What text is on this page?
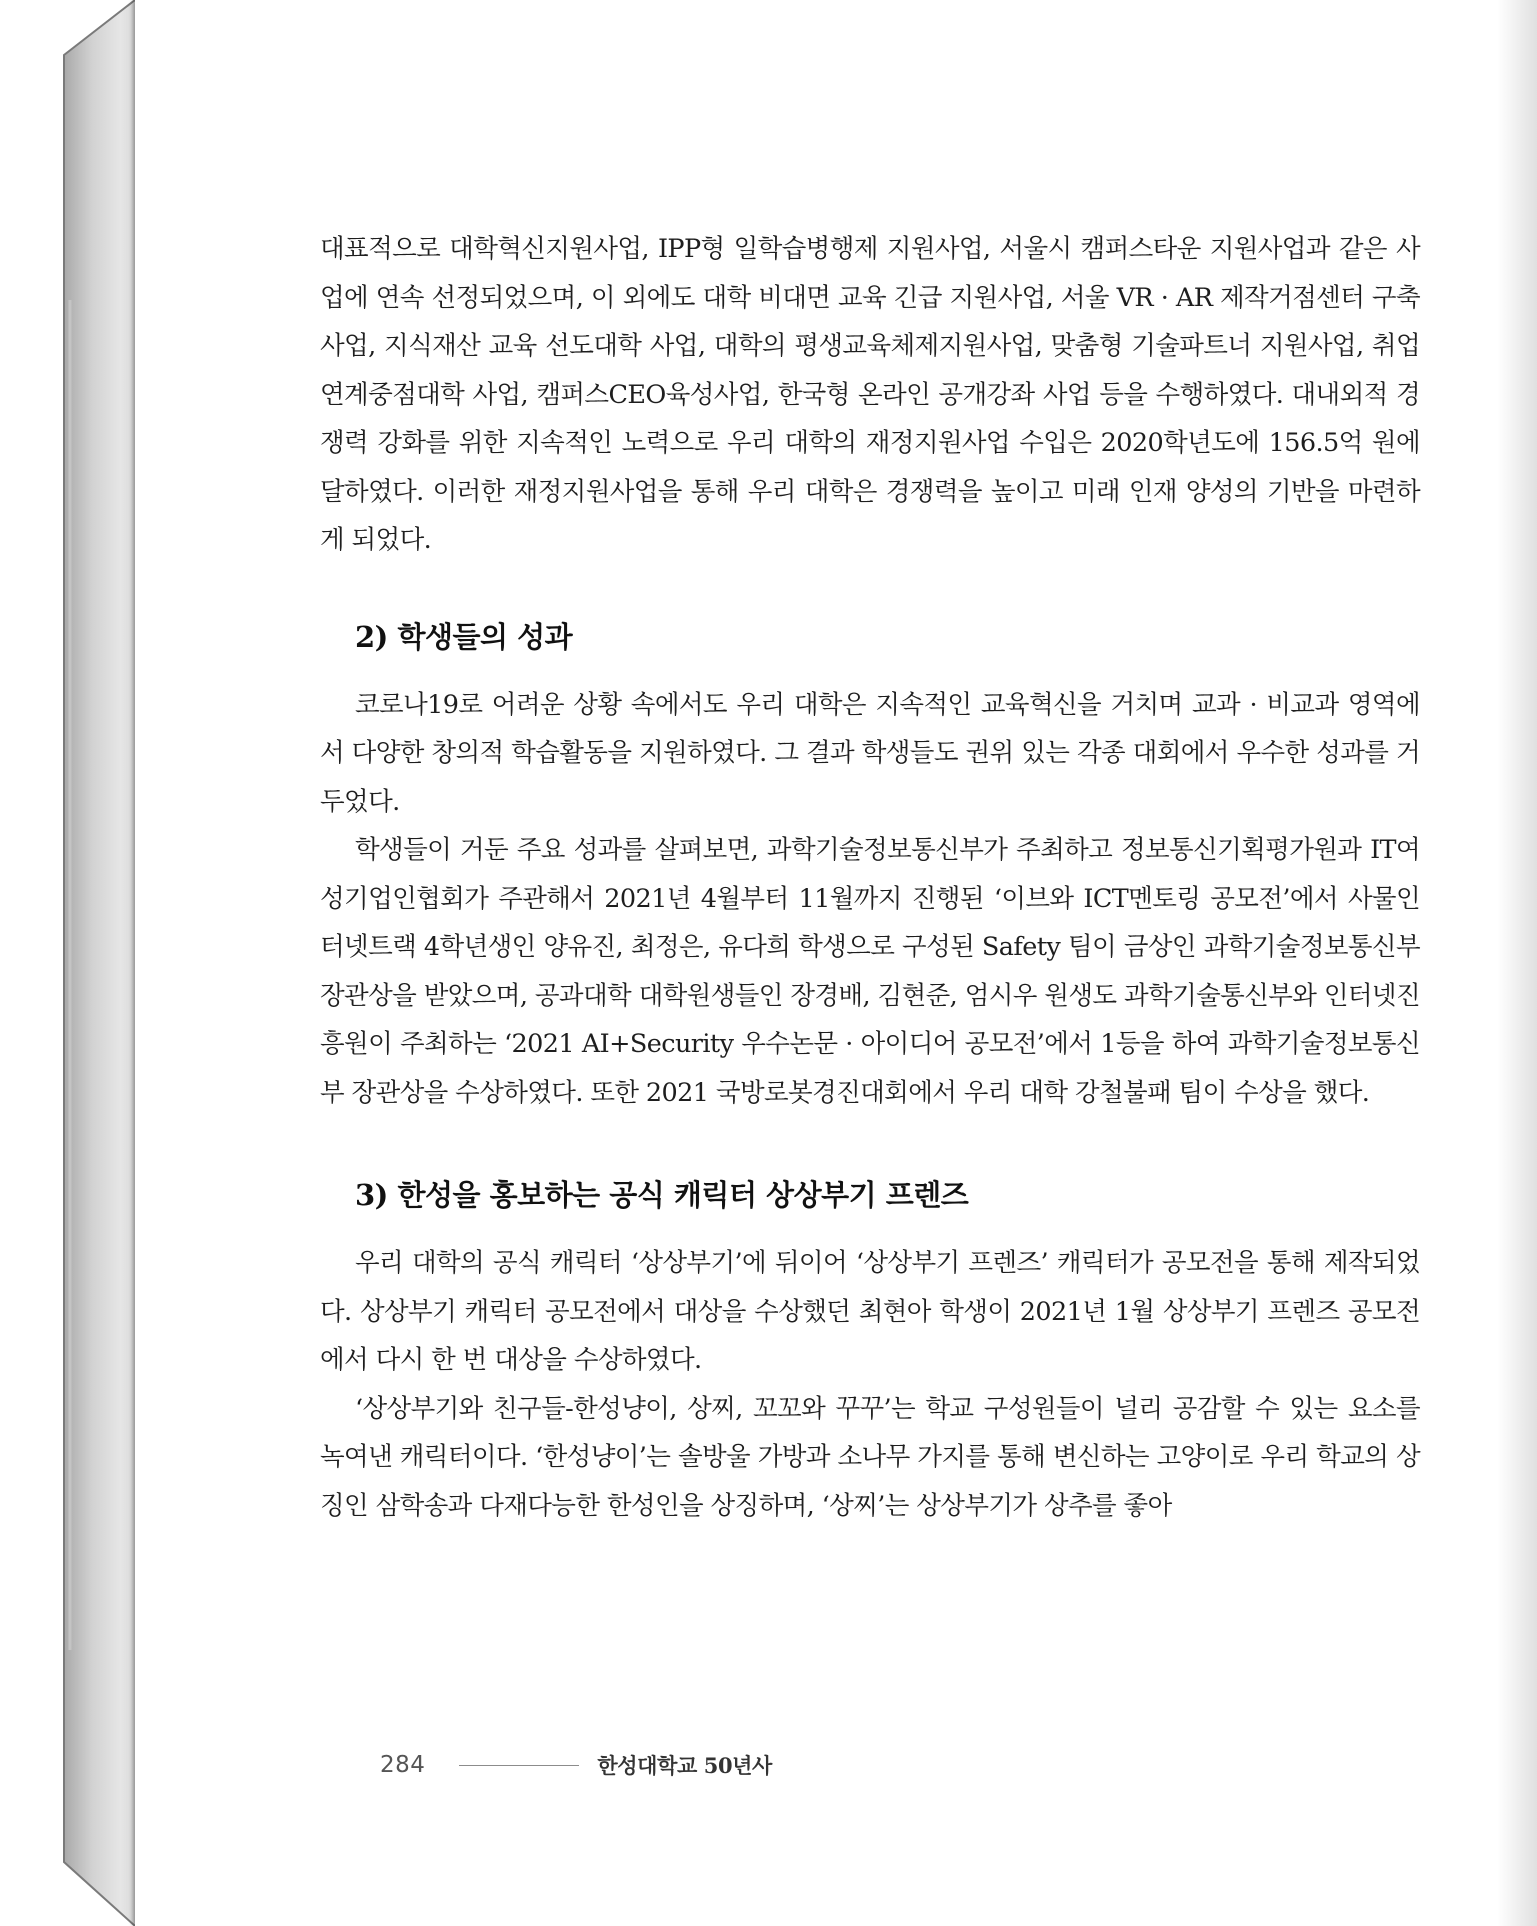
대표적으로 대학혁신지원사업, IPP형 일학습병행제 지원사업, 서울시 캠퍼스타운 지원사업과 같은 사업에 연속 선정되었으며, 이 외에도 대학 비대면 교육 긴급 지원사업, 서울 VR · AR 제작거점센터 구축 사업, 지식재산 교육 선도대학 사업, 대학의 평생교육체제지원사업, 맞춤형 기술파트너 지원사업, 취업연계중점대학 사업, 캠퍼스CEO육성사업, 한국형 온라인 공개강좌 사업 등을 수행하였다. 대내외적 경쟁력 강화를 위한 지속적인 노력으로 우리 대학의 재정지원사업 수입은 2020학년도에 156.5억 원에 달하였다. 이러한 재정지원사업을 통해 우리 대학은 경쟁력을 높이고 미래 인재 양성의 기반을 마련하게 되었다.

2) 학생들의 성과

코로나19로 어려운 상황 속에서도 우리 대학은 지속적인 교육혁신을 거치며 교과 · 비교과 영역에서 다양한 창의적 학습활동을 지원하였다. 그 결과 학생들도 권위 있는 각종 대회에서 우수한 성과를 거두었다.

학생들이 거둔 주요 성과를 살펴보면, 과학기술정보통신부가 주최하고 정보통신기획평가원과 IT여성기업인협회가 주관해서 2021년 4월부터 11월까지 진행된 ‘이브와 ICT멘토링 공모전’에서 사물인터넷트랙 4학년생인 양유진, 최정은, 유다희 학생으로 구성된 Safety 팀이 금상인 과학기술정보통신부 장관상을 받았으며, 공과대학 대학원생들인 장경배, 김현준, 엄시우 원생도 과학기술통신부와 인터넷진흥원이 주최하는 ‘2021 AI+Security 우수논문 · 아이디어 공모전’에서 1등을 하여 과학기술정보통신부 장관상을 수상하였다. 또한 2021 국방로봇경진대회에서 우리 대학 강철불패 팀이 수상을 했다.

3) 한성을 홍보하는 공식 캐릭터 상상부기 프렌즈

우리 대학의 공식 캐릭터 ‘상상부기’에 뒤이어 ‘상상부기 프렌즈’ 캐릭터가 공모전을 통해 제작되었다. 상상부기 캐릭터 공모전에서 대상을 수상했던 최현아 학생이 2021년 1월 상상부기 프렌즈 공모전에서 다시 한 번 대상을 수상하였다.

‘상상부기와 친구들-한성냥이, 상찌, 꼬꼬와 꾸꾸’는 학교 구성원들이 널리 공감할 수 있는 요소를 녹여낸 캐릭터이다. ‘한성냥이’는 솔방울 가방과 소나무 가지를 통해 변신하는 고양이로 우리 학교의 상징인 삼학송과 다재다능한 한성인을 상징하며, ‘상찌’는 상상부기가 상추를 좋아

284	한성대학교 50년사
